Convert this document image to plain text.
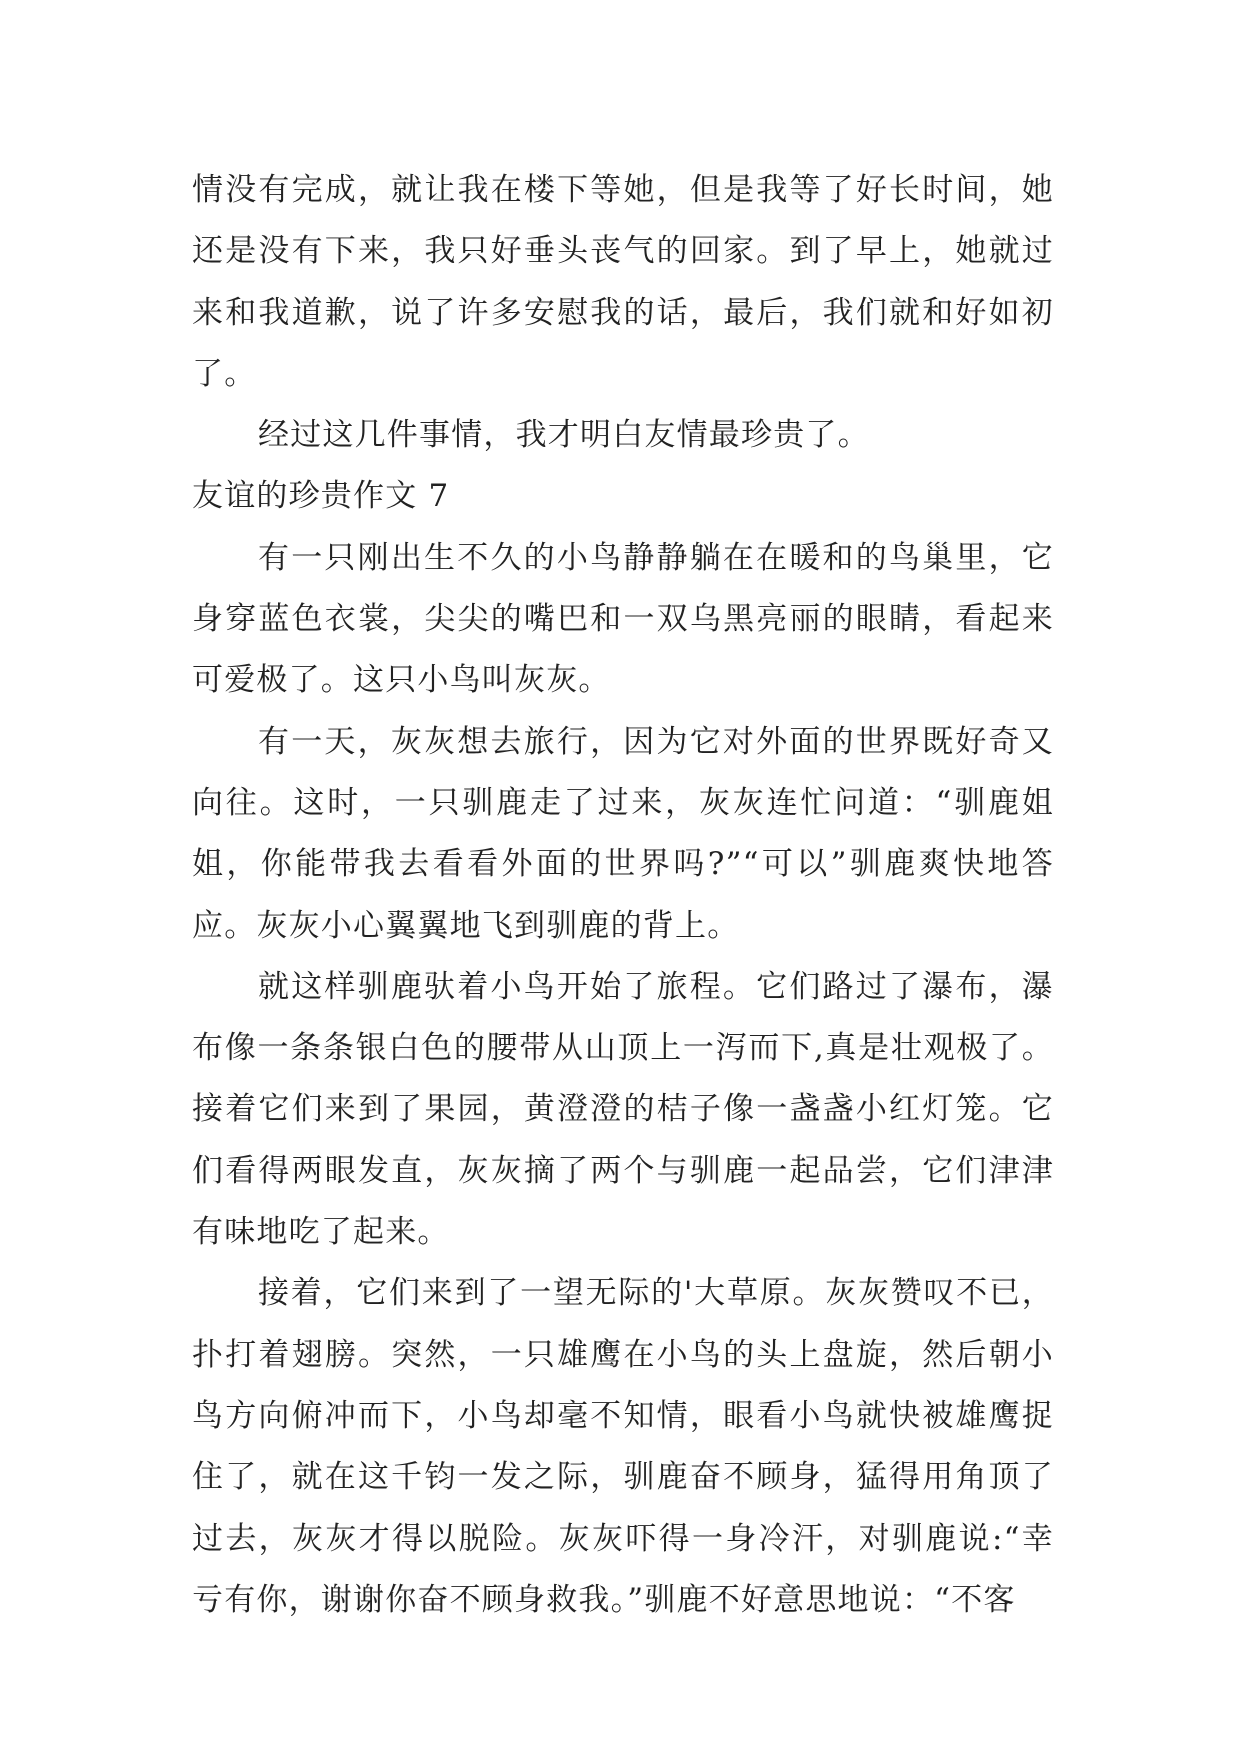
情没有完成，就让我在楼下等她，但是我等了好长时间，她还是没有下来，我只好垂头丧气的回家。到了早上，她就过来和我道歉，说了许多安慰我的话，最后，我们就和好如初了。

经过这几件事情，我才明白友情最珍贵了。

友谊的珍贵作文 7

有一只刚出生不久的小鸟静静躺在在暖和的鸟巢里，它身穿蓝色衣裳，尖尖的嘴巴和一双乌黑亮丽的眼睛，看起来可爱极了。这只小鸟叫灰灰。

有一天，灰灰想去旅行，因为它对外面的世界既好奇又向往。这时，一只驯鹿走了过来，灰灰连忙问道：“驯鹿姐姐，你能带我去看看外面的世界吗?”“可以”驯鹿爽快地答应。灰灰小心翼翼地飞到驯鹿的背上。

就这样驯鹿驮着小鸟开始了旅程。它们路过了瀑布，瀑布像一条条银白色的腰带从山顶上一泻而下,真是壮观极了。接着它们来到了果园，黄澄澄的桔子像一盏盏小红灯笼。它们看得两眼发直，灰灰摘了两个与驯鹿一起品尝，它们津津有味地吃了起来。

接着，它们来到了一望无际的'大草原。灰灰赞叹不已，扑打着翅膀。突然，一只雄鹰在小鸟的头上盘旋，然后朝小鸟方向俯冲而下，小鸟却毫不知情，眼看小鸟就快被雄鹰捉住了，就在这千钧一发之际，驯鹿奋不顾身，猛得用角顶了过去，灰灰才得以脱险。灰灰吓得一身冷汗，对驯鹿说:“幸亏有你，谢谢你奋不顾身救我。”驯鹿不好意思地说：“不客
